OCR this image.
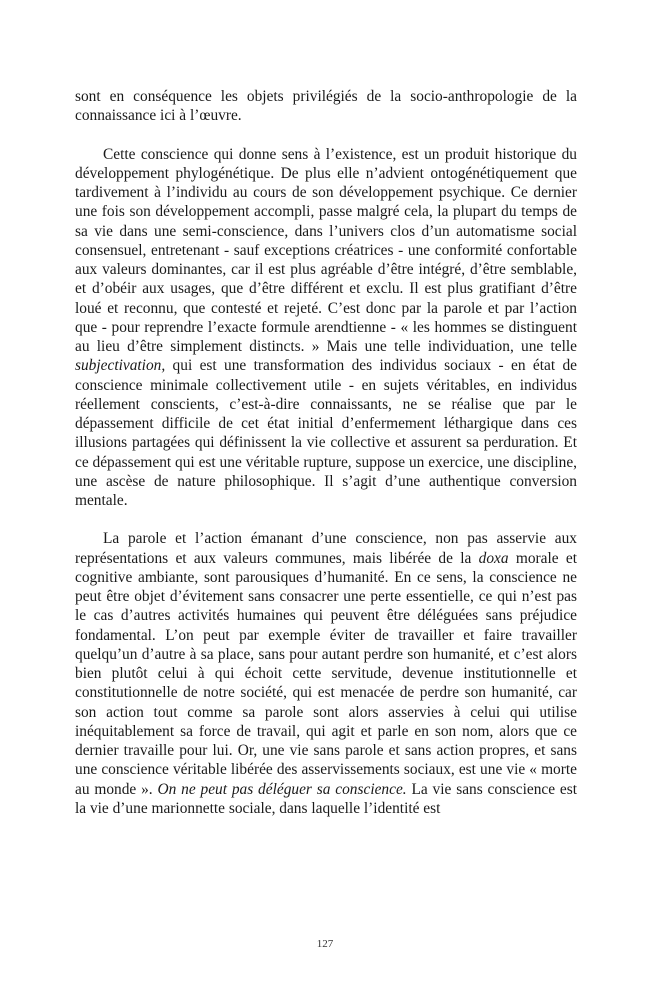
sont en conséquence les objets privilégiés de la socio-anthropologie de la connaissance ici à l’œuvre.

Cette conscience qui donne sens à l’existence, est un produit historique du développement phylogénétique. De plus elle n’advient ontogénétiquement que tardivement à l’individu au cours de son développement psychique. Ce dernier une fois son développement accompli, passe malgré cela, la plupart du temps de sa vie dans une semi-conscience, dans l’univers clos d’un automatisme social consensuel, entretenant - sauf exceptions créatrices - une conformité confortable aux valeurs dominantes, car il est plus agréable d’être intégré, d’être semblable, et d’obéir aux usages, que d’être différent et exclu. Il est plus gratifiant d’être loué et reconnu, que contesté et rejeté. C’est donc par la parole et par l’action que - pour reprendre l’exacte formule arendtienne - « les hommes se distinguent au lieu d’être simplement distincts. » Mais une telle individuation, une telle subjectivation, qui est une transformation des individus sociaux - en état de conscience minimale collectivement utile - en sujets véritables, en individus réellement conscients, c’est-à-dire connaissants, ne se réalise que par le dépassement difficile de cet état initial d’enfermement léthargique dans ces illusions partagées qui définissent la vie collective et assurent sa perduration. Et ce dépassement qui est une véritable rupture, suppose un exercice, une discipline, une ascèse de nature philosophique. Il s’agit d’une authentique conversion mentale.

La parole et l’action émanant d’une conscience, non pas asservie aux représentations et aux valeurs communes, mais libérée de la doxa morale et cognitive ambiante, sont parousiques d’humanité. En ce sens, la conscience ne peut être objet d’évitement sans consacrer une perte essentielle, ce qui n’est pas le cas d’autres activités humaines qui peuvent être déléguées sans préjudice fondamental. L’on peut par exemple éviter de travailler et faire travailler quelqu’un d’autre à sa place, sans pour autant perdre son humanité, et c’est alors bien plutôt celui à qui échoit cette servitude, devenue institutionnelle et constitutionnelle de notre société, qui est menacée de perdre son humanité, car son action tout comme sa parole sont alors asservies à celui qui utilise inéquitablement sa force de travail, qui agit et parle en son nom, alors que ce dernier travaille pour lui. Or, une vie sans parole et sans action propres, et sans une conscience véritable libérée des asservissements sociaux, est une vie « morte au monde ». On ne peut pas déléguer sa conscience. La vie sans conscience est la vie d’une marionnette sociale, dans laquelle l’identité est

127
